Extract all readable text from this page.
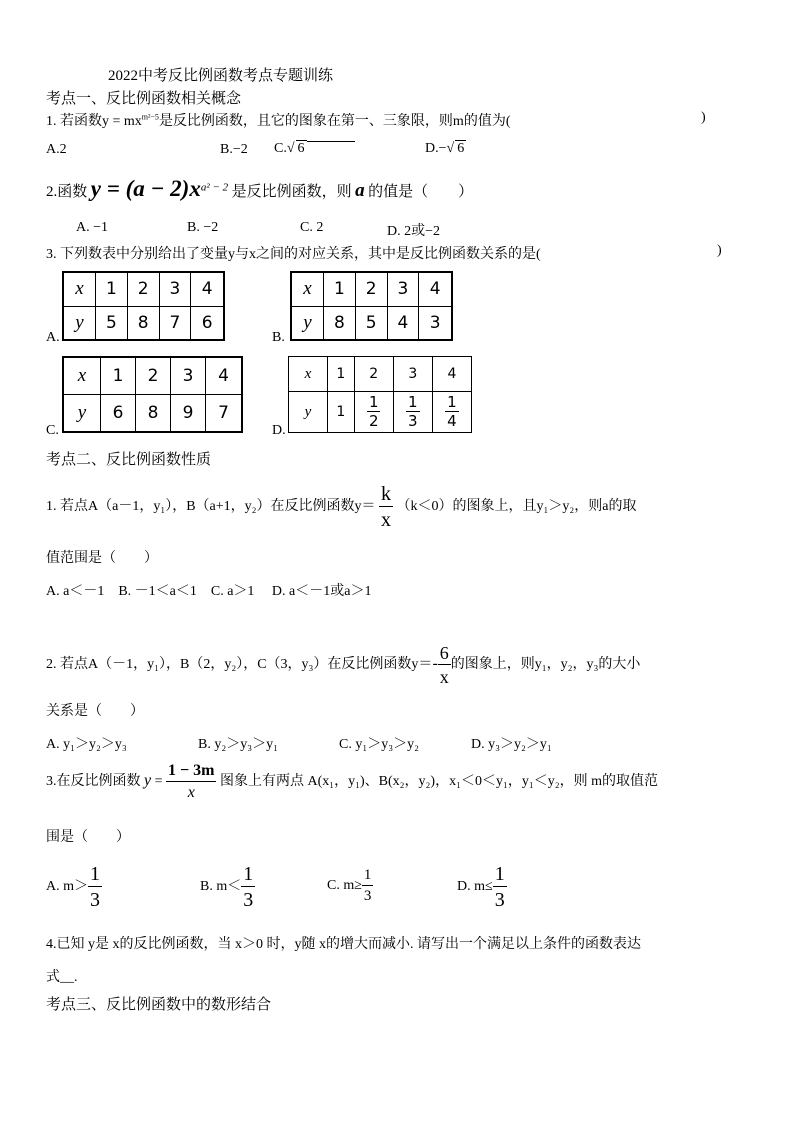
2022中考反比例函数考点专题训练
考点一、反比例函数相关概念
1. 若函数$y = mx^{m^2-5}$是反比例函数，且它的图象在第一、三象限，则m的值为(	)
A.2	B.−2 C.√ 6	D.−√ 6
2.函数 $y = (a - 2)x^{a^2 - 2}$ 是反比例函数，则 a 的值是（　　）
A. −1	B. −2	C. 2	D. 2或−2
3. 下列数表中分别给出了变量y与x之间的对应关系，其中是反比例函数关系的是(	)
A.
x	1	2	3	4
y	5	8	7	6
B.
x	1	2	3	4
y	8	5	4	3
C.
x	1	2	3	4
y	6	8	9	7
D.
x	1	2	3	4
y	1	$\frac{1}{2}$	$\frac{1}{3}$	$\frac{1}{4}$
考点二、反比例函数性质
1. 若点A（a－1，y₁），B（a+1，y₂）在反比例函数$y= \frac{k}{x} (k<0)$的图象上，且y₁＞y₂，则a的取
值范围是（　　）
A. a＜－1　B. －1＜a＜1　C. a＞1　 D. a＜－1或a＞1
2. 若点A（－1，y₁），B（2，y₂），C（3，y₃）在反比例函数$y=- \frac{6}{x}$ 的图象上，则y₁，y₂，y₃的大小
关系是（　　）
A. y₁＞y₂＞y₃	B. y₂＞y₃＞y₁	C. y₁＞y₃＞y₂	D. y₃＞y₂＞y₁
3.在反比例函数 $y = \frac{1 - 3m}{x}$ 图象上有两点 A(x₁，y₁)、B(x₂，y₂)，x₁＜0＜y₁，y₁＜y₂，则 m的取值范
围是（　　）
A. $m> \frac{1}{3}$	B. $m< \frac{1}{3}$	C. $m\ge \frac{1}{3}$	D. $m\le \frac{1}{3}$
4.已知 y是 x的反比例函数，当 x＞0 时，y随 x的增大而减小. 请写出一个满足以上条件的函数表达
式__.
考点三、反比例函数中的数形结合
